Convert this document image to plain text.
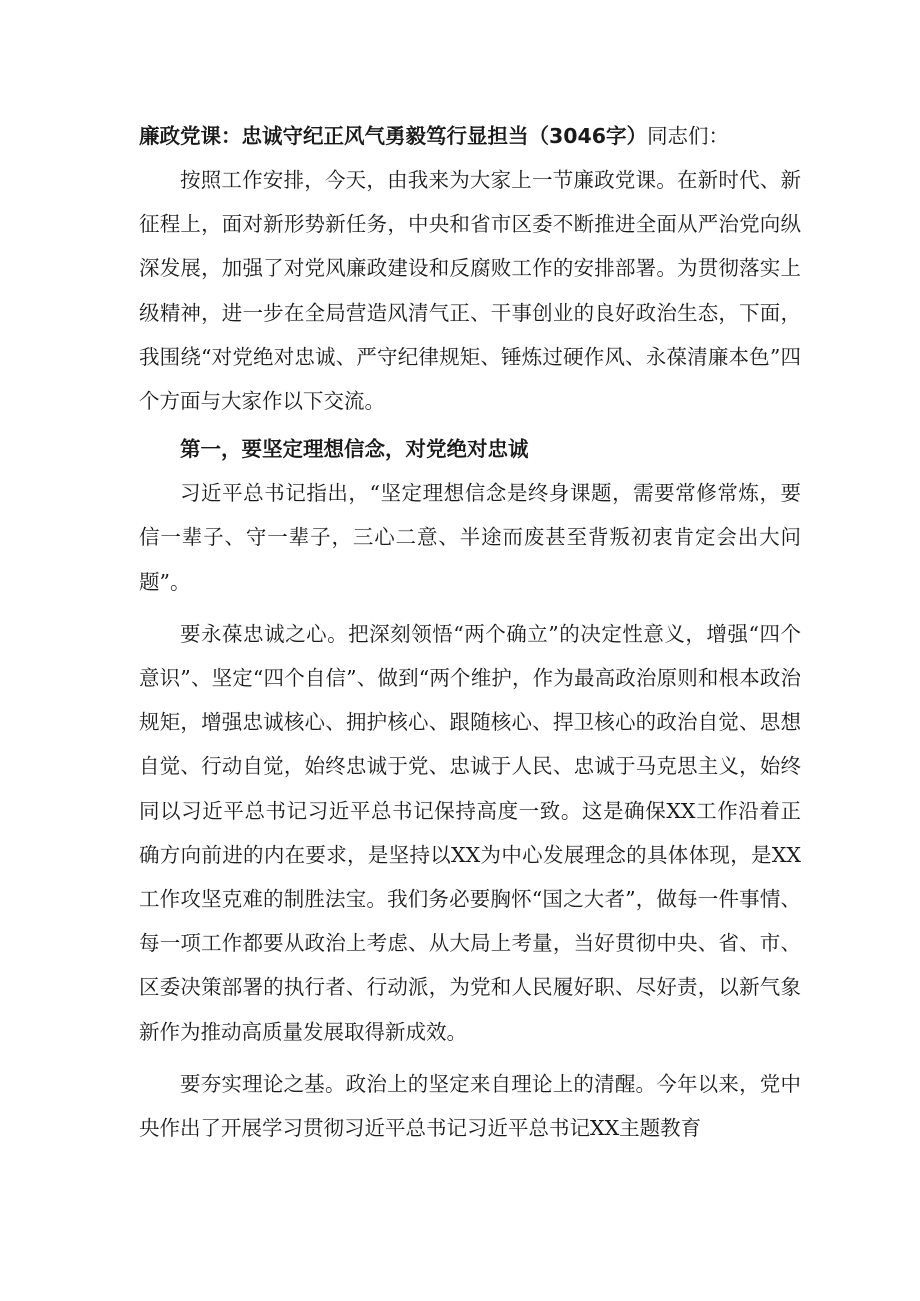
廉政党课：忠诚守纪正风气勇毅笃行显担当（3046字）同志们：

按照工作安排，今天，由我来为大家上一节廉政党课。在新时代、新征程上，面对新形势新任务，中央和省市区委不断推进全面从严治党向纵深发展，加强了对党风廉政建设和反腐败工作的安排部署。为贯彻落实上级精神，进一步在全局营造风清气正、干事创业的良好政治生态，下面，我围绕“对党绝对忠诚、严守纪律规矩、锤炼过硬作风、永葆清廉本色”四个方面与大家作以下交流。

第一，要坚定理想信念，对党绝对忠诚

习近平总书记指出，“坚定理想信念是终身课题，需要常修常炼，要信一辈子、守一辈子，三心二意、半途而废甚至背叛初衷肯定会出大问题”。

要永葆忠诚之心。把深刻领悟“两个确立”的决定性意义，增强“四个意识”、坚定“四个自信”、做到“两个维护，作为最高政治原则和根本政治规矩，增强忠诚核心、拥护核心、跟随核心、捍卫核心的政治自觉、思想自觉、行动自觉，始终忠诚于党、忠诚于人民、忠诚于马克思主义，始终同以习近平总书记习近平总书记保持高度一致。这是确保XX工作沿着正确方向前进的内在要求，是坚持以XX为中心发展理念的具体体现，是XX工作攻坚克难的制胜法宝。我们务必要胸怀“国之大者”，做每一件事情、每一项工作都要从政治上考虑、从大局上考量，当好贯彻中央、省、市、区委决策部署的执行者、行动派，为党和人民履好职、尽好责，以新气象新作为推动高质量发展取得新成效。

要夯实理论之基。政治上的坚定来自理论上的清醒。今年以来，党中央作出了开展学习贯彻习近平总书记习近平总书记XX主题教育
